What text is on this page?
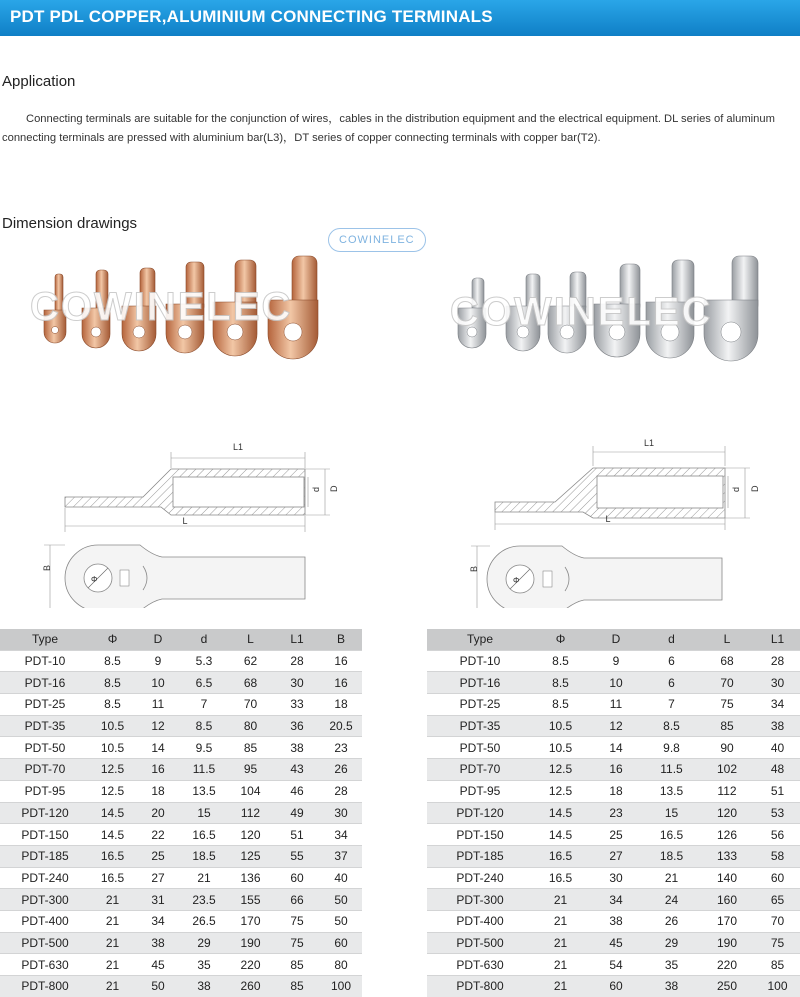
PDT PDL COPPER,ALUMINIUM CONNECTING TERMINALS
Application
Connecting terminals are suitable for the conjunction of wires，cables in the distribution equipment and the electrical equipment. DL series of aluminum
connecting terminals are pressed with aluminium bar(L3)，DT series of copper connecting terminals with copper bar(T2).
Dimension drawings
COWINELEC	COWINELEC
COWINELEC
L1
L
d D
Φ
B
L1
L
d D
Φ
B
Type	Φ	D	d	L	L1	B
PDT-10	8.5	9	5.3	62	28	16
PDT-16	8.5	10	6.5	68	30	16
PDT-25	8.5	11	7	70	33	18
PDT-35	10.5	12	8.5	80	36	20.5
PDT-50	10.5	14	9.5	85	38	23
PDT-70	12.5	16	11.5	95	43	26
PDT-95	12.5	18	13.5	104	46	28
PDT-120	14.5	20	15	112	49	30
PDT-150	14.5	22	16.5	120	51	34
PDT-185	16.5	25	18.5	125	55	37
PDT-240	16.5	27	21	136	60	40
PDT-300	21	31	23.5	155	66	50
PDT-400	21	34	26.5	170	75	50
PDT-500	21	38	29	190	75	60
PDT-630	21	45	35	220	85	80
PDT-800	21	50	38	260	85	100
Type	Φ	D	d	L	L1
PDT-10	8.5	9	6	68	28
PDT-16	8.5	10	6	70	30
PDT-25	8.5	11	7	75	34
PDT-35	10.5	12	8.5	85	38
PDT-50	10.5	14	9.8	90	40
PDT-70	12.5	16	11.5	102	48
PDT-95	12.5	18	13.5	112	51
PDT-120	14.5	23	15	120	53
PDT-150	14.5	25	16.5	126	56
PDT-185	16.5	27	18.5	133	58
PDT-240	16.5	30	21	140	60
PDT-300	21	34	24	160	65
PDT-400	21	38	26	170	70
PDT-500	21	45	29	190	75
PDT-630	21	54	35	220	85
PDT-800	21	60	38	250	100
